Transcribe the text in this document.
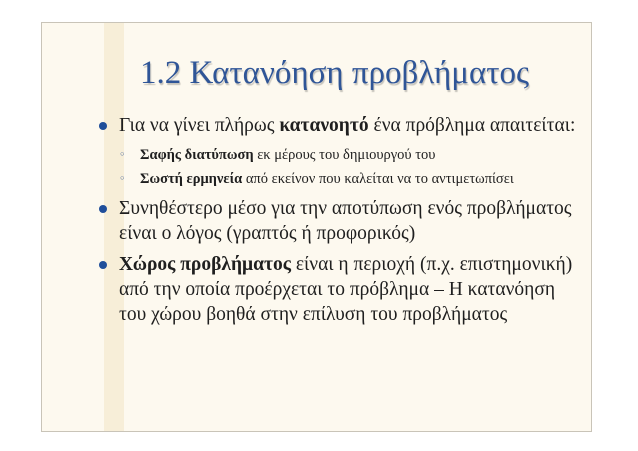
1.2 Κατανόηση προβλήματος
Για να γίνει πλήρως κατανοητό ένα πρόβλημα απαιτείται:
◦ Σαφής διατύπωση εκ μέρους του δημιουργού του
◦ Σωστή ερμηνεία από εκείνον που καλείται να το αντιμετωπίσει
Συνηθέστερο μέσο για την αποτύπωση ενός προβλήματος είναι ο λόγος (γραπτός ή προφορικός)
Χώρος προβλήματος είναι η περιοχή (π.χ. επιστημονική) από την οποία προέρχεται το πρόβλημα – Η κατανόηση του χώρου βοηθά στην επίλυση του προβλήματος
